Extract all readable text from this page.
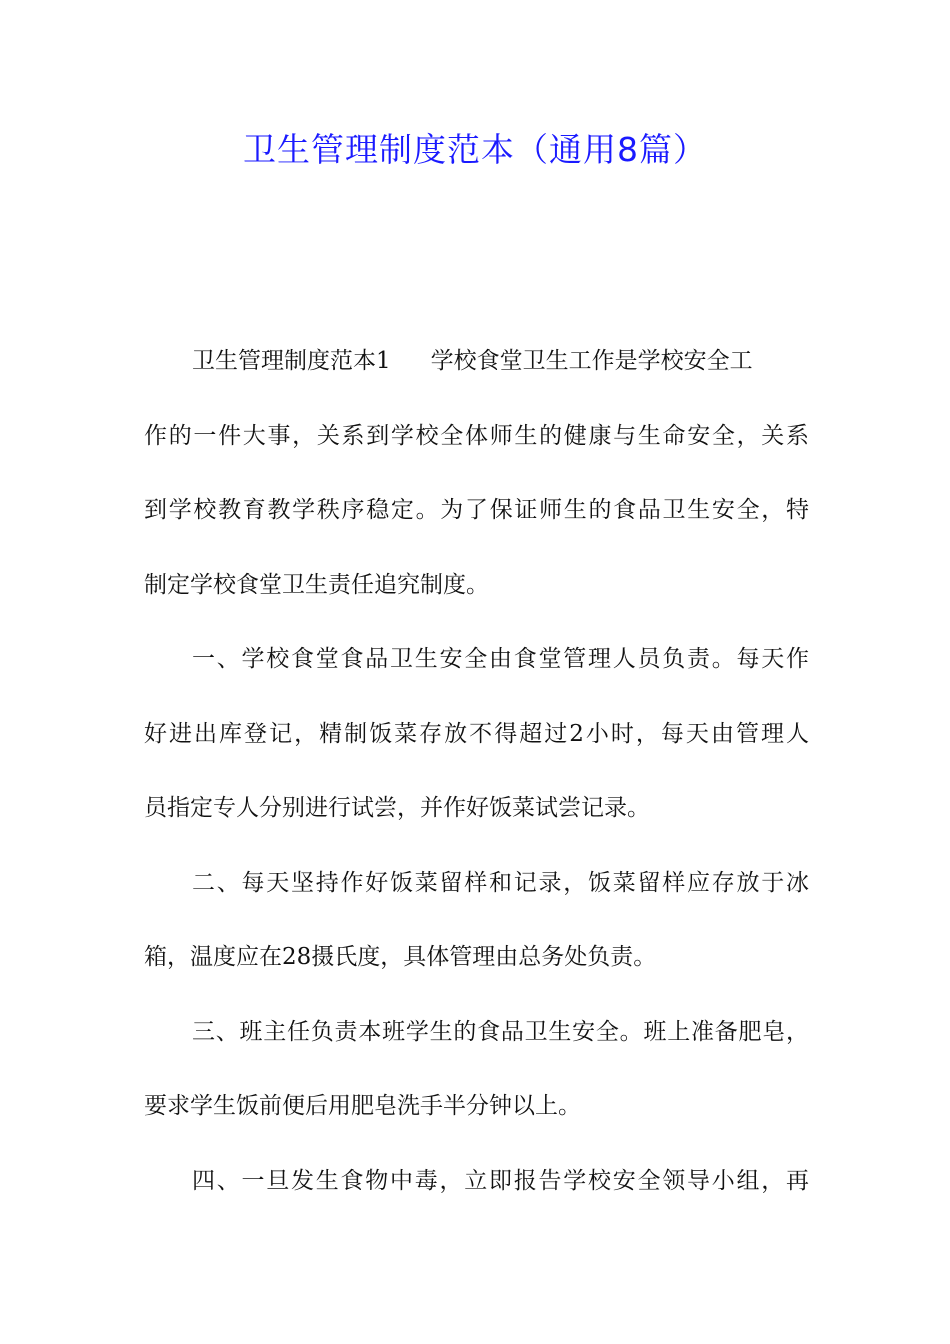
卫生管理制度范本（通用8篇）
卫生管理制度范本1 学校食堂卫生工作是学校安全工
作的一件大事，关系到学校全体师生的健康与生命安全，关系
到学校教育教学秩序稳定。为了保证师生的食品卫生安全，特
制定学校食堂卫生责任追究制度。
一、学校食堂食品卫生安全由食堂管理人员负责。每天作
好进出库登记，精制饭菜存放不得超过2小时，每天由管理人
员指定专人分别进行试尝，并作好饭菜试尝记录。
二、每天坚持作好饭菜留样和记录，饭菜留样应存放于冰
箱，温度应在28摄氏度，具体管理由总务处负责。
三、班主任负责本班学生的食品卫生安全。班上准备肥皂，
要求学生饭前便后用肥皂洗手半分钟以上。
四、一旦发生食物中毒，立即报告学校安全领导小组，再
